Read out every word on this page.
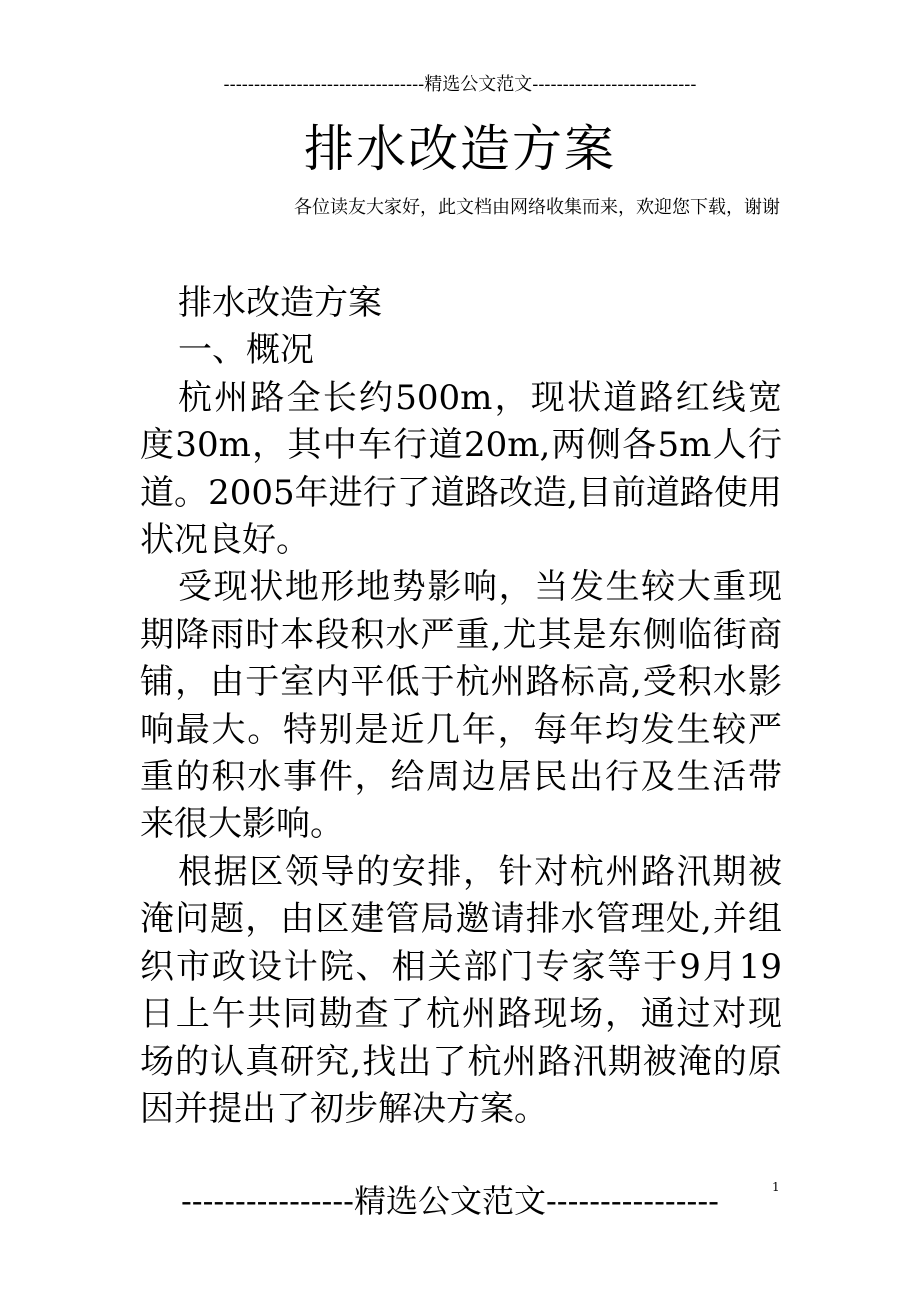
---------------------------------精选公文范文---------------------------
排水改造方案
各位读友大家好，此文档由网络收集而来，欢迎您下载，谢谢

排水改造方案

一、概况

杭州路全长约500m，现状道路红线宽度30m，其中车行道20m,两侧各5m人行道。2005年进行了道路改造,目前道路使用状况良好。

受现状地形地势影响，当发生较大重现期降雨时本段积水严重,尤其是东侧临街商铺，由于室内平低于杭州路标高,受积水影响最大。特别是近几年，每年均发生较严重的积水事件，给周边居民出行及生活带来很大影响。

根据区领导的安排，针对杭州路汛期被淹问题，由区建管局邀请排水管理处,并组织市政设计院、相关部门专家等于9月19日上午共同勘查了杭州路现场，通过对现场的认真研究,找出了杭州路汛期被淹的原因并提出了初步解决方案。

1
----------------精选公文范文----------------
